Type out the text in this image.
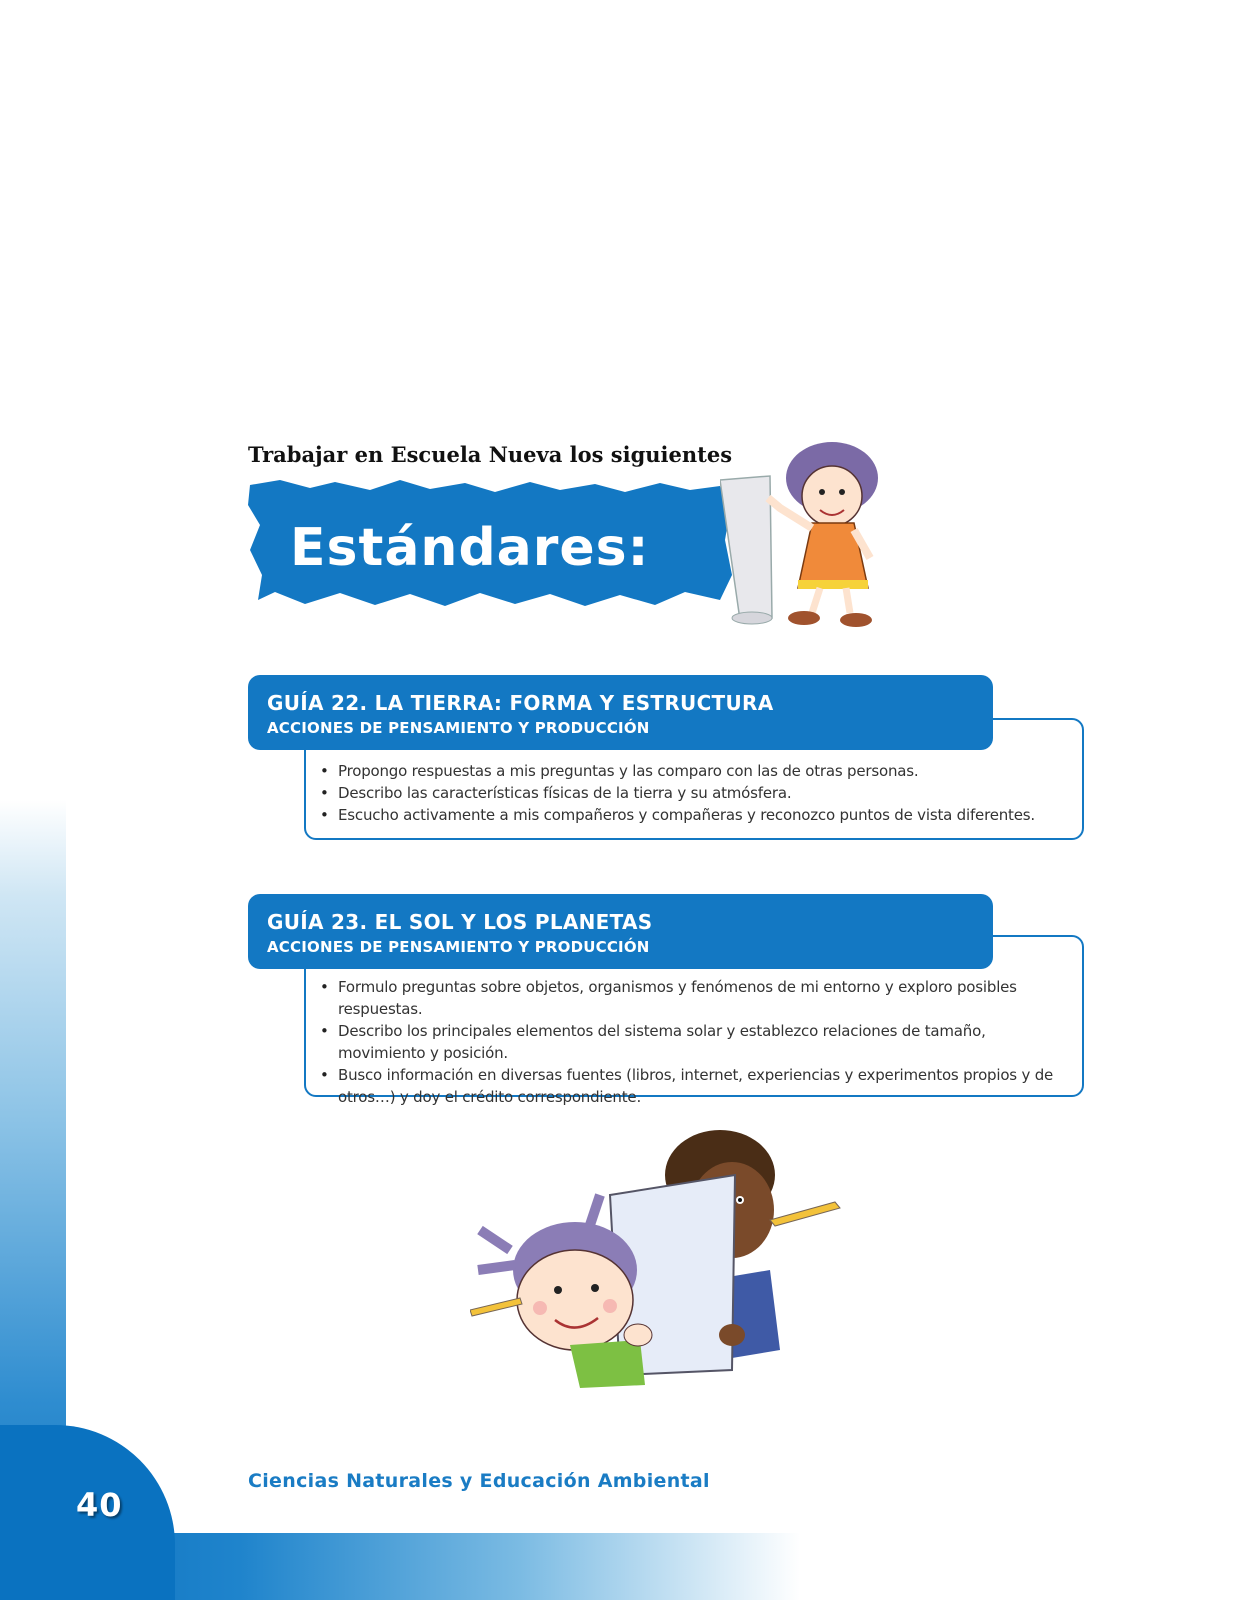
40
Ciencias Naturales y Educación Ambiental
Trabajar en Escuela Nueva los siguientes
Estándares:
GUÍA 22. LA TIERRA: FORMA Y ESTRUCTURA
ACCIONES DE PENSAMIENTO Y PRODUCCIÓN
• Propongo respuestas a mis preguntas y las comparo con las de otras personas.
• Describo las características físicas de la tierra y su atmósfera.
• Escucho activamente a mis compañeros y compañeras y reconozco puntos de vista diferentes.
GUÍA 23. EL SOL Y LOS PLANETAS
ACCIONES DE PENSAMIENTO Y PRODUCCIÓN
• Formulo preguntas sobre objetos, organismos y fenómenos de mi entorno y exploro posibles respuestas.
• Describo los principales elementos del sistema solar y establezco relaciones de tamaño, movimiento y posición.
• Busco información en diversas fuentes (libros, internet, experiencias y experimentos propios y de otros…) y doy el crédito correspondiente.
